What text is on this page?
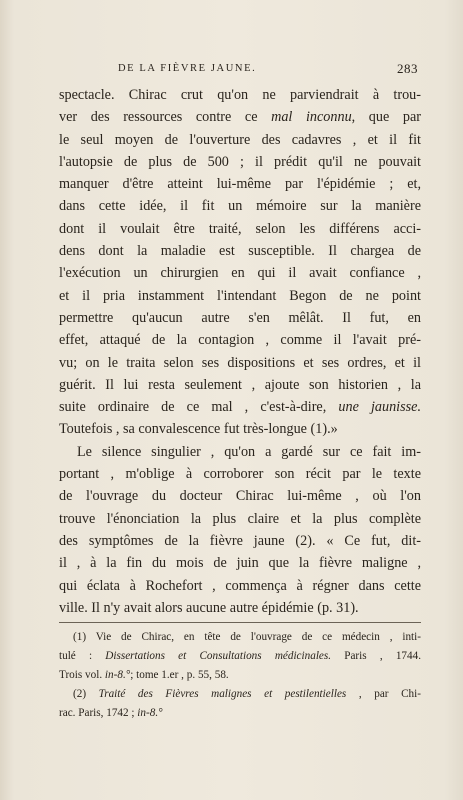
DE LA FIÈVRE JAUNE.	283

spectacle. Chirac crut qu'on ne parviendrait à trou-

ver des ressources contre ce mal inconnu, que par

le seul moyen de l'ouverture des cadavres , et il fit

l'autopsie de plus de 500 ; il prédit qu'il ne pouvait

manquer d'être atteint lui-même par l'épidémie ; et,

dans cette idée, il fit un mémoire sur la manière

dont il voulait être traité, selon les différens acci-

dens dont la maladie est susceptible. Il chargea de

l'exécution un chirurgien en qui il avait confiance ,

et il pria instamment l'intendant Begon de ne point

permettre qu'aucun autre s'en mêlât. Il fut, en

effet, attaqué de la contagion , comme il l'avait pré-

vu; on le traita selon ses dispositions et ses ordres, et il

guérit. Il lui resta seulement , ajoute son historien , la

suite ordinaire de ce mal , c'est-à-dire, une jaunisse.

Toutefois , sa convalescence fut très-longue (1).»

Le silence singulier , qu'on a gardé sur ce fait im-

portant , m'oblige à corroborer son récit par le texte

de l'ouvrage du docteur Chirac lui-même , où l'on

trouve l'énonciation la plus claire et la plus complète

des symptômes de la fièvre jaune (2). « Ce fut, dit-

il , à la fin du mois de juin que la fièvre maligne ,

qui éclata à Rochefort , commença à régner dans cette

ville. Il n'y avait alors aucune autre épidémie (p. 31).

(1) Vie de Chirac, en tête de l'ouvrage de ce médecin , inti-

tulé : Dissertations et Consultations médicinales. Paris , 1744.

Trois vol. in-8.°; tome 1.er , p. 55, 58.

(2) Traité des Fièvres malignes et pestilentielles , par Chi-

rac. Paris, 1742 ; in-8.°
